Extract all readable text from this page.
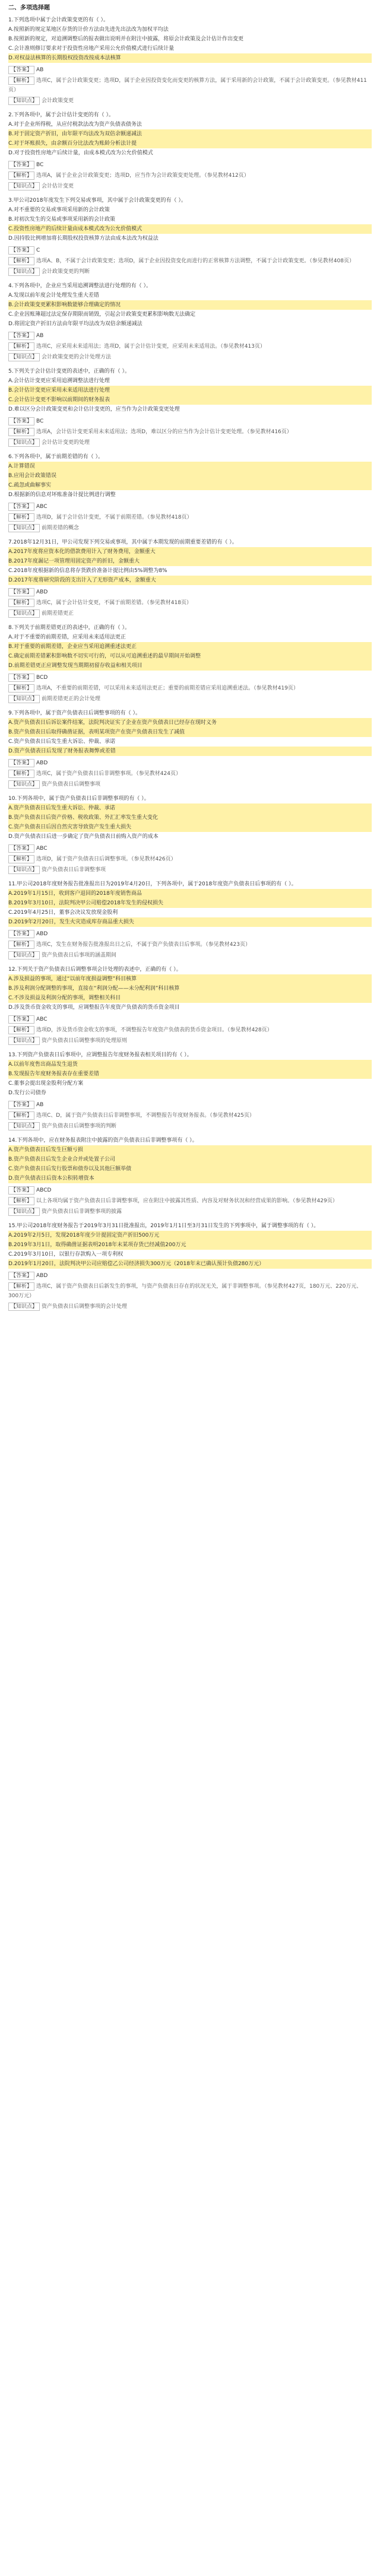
二、多项选择题
1.下列选项中属于会计政策变更的有（ ）。
A.按照新的规定某地区存货的计价方法由先进先出法改为加权平均法
B.按照新的规定，对追溯调整后的报表做出说明并在附注中披露，将原会计政策及会计估计作出变更
C.会计准则修订要求对于投资性房地产采用公允价值模式进行后续计量
D.对权益法核算的长期股权投资改按成本法核算
【答案】 AB
【解析】 选项C，属于会计政策变更；选项D，属于企业因投资变化而变更的核算方法，属于采用新的会计政策，不属于会计政策变更。（参见教材411页）
【知识点】 会计政策变更
2.下列各项中，属于会计估计变更的有（ ）。
A.对于企业所得税，从应付税款法改为资产负债表债务法
B.对于固定资产折旧，由年限平均法改为双倍余额递减法
C.对于坏账损失，由余额百分比法改为账龄分析法计提
D.对于投资性房地产后续计量，由成本模式改为公允价值模式
【答案】 BC
【解析】 选项A，属于企业会计政策变更；选项D，应当作为会计政策变更处理。（参见教材412页）
【知识点】 会计估计变更
3.甲公司2018年度发生下列交易或事项，其中属于会计政策变更的有（ ）。
A.对不重要的交易或事项采用新的会计政策
B.对初次发生的交易或事项采用新的会计政策
C.投资性房地产的后续计量由成本模式改为公允价值模式
D.因持股比例增加将长期股权投资核算方法由成本法改为权益法
【答案】 C
【解析】 选项A、B，不属于会计政策变更；选项D，属于企业因投资变化而进行的正常核算方法调整，不属于会计政策变更。（参见教材408页）
【知识点】 会计政策变更的判断
4.下列各项中，企业应当采用追溯调整法进行处理的有（ ）。
A.发现以前年度会计处理发生重大差错
B.会计政策变更累积影响数能够合理确定的情况
C.企业因账簿超过法定保存期限而销毁，引起会计政策变更累积影响数无法确定
D.将固定资产折旧方法由年限平均法改为双倍余额递减法
【答案】 AB
【解析】 选项C，应采用未来适用法；选项D，属于会计估计变更，应采用未来适用法。（参见教材413页）
【知识点】 会计政策变更的会计处理方法
5.下列关于会计估计变更的表述中，正确的有（ ）。
A.会计估计变更应采用追溯调整法进行处理
B.会计估计变更应采用未来适用法进行处理
C.会计估计变更不影响以前期间的财务报表
D.难以区分会计政策变更和会计估计变更的，应当作为会计政策变更处理
【答案】 BC
【解析】 选项A，会计估计变更采用未来适用法；选项D，难以区分的应当作为会计估计变更处理。（参见教材416页）
【知识点】 会计估计变更的处理
6.下列各项中，属于前期差错的有（ ）。
A.计算错误
B.应用会计政策错误
C.疏忽或曲解事实
D.根据新的信息对坏账准备计提比例进行调整
【答案】 ABC
【解析】 选项D，属于会计估计变更，不属于前期差错。（参见教材418页）
【知识点】 前期差错的概念
7.2018年12月31日，甲公司发现下列交易或事项，其中属于本期发现的前期重要差错的有（ ）。
A.2017年度将应资本化的借款费用计入了财务费用，金额重大
B.2017年度漏记一项管理用固定资产的折旧，金额重大
C.2018年度根据新的信息将存货跌价准备计提比例由5%调整为8%
D.2017年度将研究阶段的支出计入了无形资产成本，金额重大
【答案】 ABD
【解析】 选项C，属于会计估计变更，不属于前期差错。（参见教材418页）
【知识点】 前期差错更正
8.下列关于前期差错更正的表述中，正确的有（ ）。
A.对于不重要的前期差错，应采用未来适用法更正
B.对于重要的前期差错，企业应当采用追溯重述法更正
C.确定前期差错累积影响数不切实可行的，可以从可追溯重述的最早期间开始调整
D.前期差错更正应调整发现当期期初留存收益和相关项目
【答案】 BCD
【解析】 选项A，不重要的前期差错，可以采用未来适用法更正；重要的前期差错应采用追溯重述法。（参见教材419页）
【知识点】 前期差错更正的会计处理
9.下列各项中，属于资产负债表日后调整事项的有（ ）。
A.资产负债表日后诉讼案件结案，法院判决证实了企业在资产负债表日已经存在现时义务
B.资产负债表日后取得确凿证据，表明某项资产在资产负债表日发生了减值
C.资产负债表日后发生重大诉讼、仲裁、承诺
D.资产负债表日后发现了财务报表舞弊或差错
【答案】 ABD
【解析】 选项C，属于资产负债表日后非调整事项。（参见教材424页）
【知识点】 资产负债表日后调整事项
10.下列各项中，属于资产负债表日后非调整事项的有（ ）。
A.资产负债表日后发生重大诉讼、仲裁、承诺
B.资产负债表日后资产价格、税收政策、外汇汇率发生重大变化
C.资产负债表日后因自然灾害导致资产发生重大损失
D.资产负债表日后进一步确定了资产负债表日前购入资产的成本
【答案】 ABC
【解析】 选项D，属于资产负债表日后调整事项。（参见教材426页）
【知识点】 资产负债表日后非调整事项
11.甲公司2018年度财务报告批准报出日为2019年4月20日，下列各项中，属于2018年度资产负债表日后事项的有（ ）。
A.2019年1月15日，收到客户退回的2018年度销售商品
B.2019年3月10日，法院判决甲公司赔偿2018年发生的侵权损失
C.2019年4月25日，董事会决议发放现金股利
D.2019年2月20日，发生火灾造成库存商品重大损失
【答案】 ABD
【解析】 选项C，发生在财务报告批准报出日之后，不属于资产负债表日后事项。（参见教材423页）
【知识点】 资产负债表日后事项的涵盖期间
12.下列关于资产负债表日后调整事项会计处理的表述中，正确的有（ ）。
A.涉及损益的事项，通过“以前年度损益调整”科目核算
B.涉及利润分配调整的事项，直接在“利润分配——未分配利润”科目核算
C.不涉及损益及利润分配的事项，调整相关科目
D.涉及货币资金收支的事项，应调整报告年度资产负债表的货币资金项目
【答案】 ABC
【解析】 选项D，涉及货币资金收支的事项，不调整报告年度资产负债表的货币资金项目。（参见教材428页）
【知识点】 资产负债表日后调整事项的处理原则
13.下列资产负债表日后事项中，应调整报告年度财务报表相关项目的有（ ）。
A.以前年度售出商品发生退货
B.发现报告年度财务报表存在重要差错
C.董事会提出现金股利分配方案
D.发行公司债券
【答案】 AB
【解析】 选项C、D，属于资产负债表日后非调整事项，不调整报告年度财务报表。（参见教材425页）
【知识点】 资产负债表日后调整事项的判断
14.下列各项中，应在财务报表附注中披露的资产负债表日后非调整事项有（ ）。
A.资产负债表日后发生巨额亏损
B.资产负债表日后发生企业合并或处置子公司
C.资产负债表日后发行股票和债券以及其他巨额举债
D.资产负债表日后资本公积转增资本
【答案】 ABCD
【解析】 以上各项均属于资产负债表日后非调整事项，应在附注中披露其性质、内容及对财务状况和经营成果的影响。（参见教材429页）
【知识点】 资产负债表日后非调整事项的披露
15.甲公司2018年度财务报告于2019年3月31日批准报出，2019年1月1日至3月31日发生的下列事项中，属于调整事项的有（ ）。
A.2019年2月5日，发现2018年度少计提固定资产折旧500万元
B.2019年3月1日，取得确凿证据表明2018年末某项存货已经减值200万元
C.2019年3月10日，以银行存款购入一项专利权
D.2019年1月20日，法院判决甲公司应赔偿乙公司经济损失300万元（2018年末已确认预计负债280万元）
【答案】 ABD
【解析】 选项C，属于资产负债表日后新发生的事项，与资产负债表日存在的状况无关，属于非调整事项。（参见教材427页，180万元、220万元、300万元）
【知识点】 资产负债表日后调整事项的会计处理
